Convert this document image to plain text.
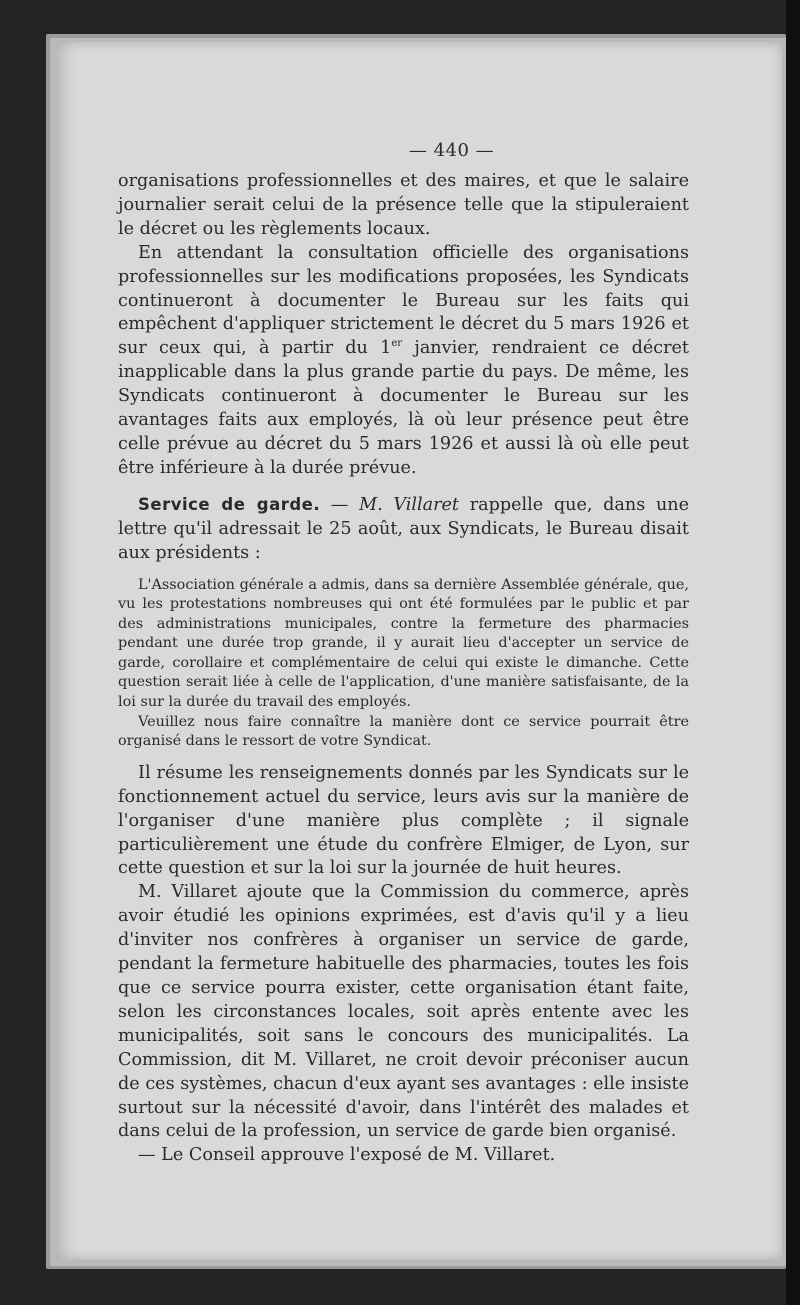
— 440 —

organisations professionnelles et des maires, et que le salaire journalier serait celui de la présence telle que la stipuleraient le décret ou les règlements locaux.

En attendant la consultation officielle des organisations professionnelles sur les modifications proposées, les Syndicats continueront à documenter le Bureau sur les faits qui empêchent d'appliquer strictement le décret du 5 mars 1926 et sur ceux qui, à partir du 1er janvier, rendraient ce décret inapplicable dans la plus grande partie du pays. De même, les Syndicats continueront à documenter le Bureau sur les avantages faits aux employés, là où leur présence peut être celle prévue au décret du 5 mars 1926 et aussi là où elle peut être inférieure à la durée prévue.

Service de garde. — M. Villaret rappelle que, dans une lettre qu'il adressait le 25 août, aux Syndicats, le Bureau disait aux présidents :

L'Association générale a admis, dans sa dernière Assemblée générale, que, vu les protestations nombreuses qui ont été formulées par le public et par des administrations municipales, contre la fermeture des pharmacies pendant une durée trop grande, il y aurait lieu d'accepter un service de garde, corollaire et complémentaire de celui qui existe le dimanche. Cette question serait liée à celle de l'application, d'une manière satisfaisante, de la loi sur la durée du travail des employés.

Veuillez nous faire connaître la manière dont ce service pourrait être organisé dans le ressort de votre Syndicat.

Il résume les renseignements donnés par les Syndicats sur le fonctionnement actuel du service, leurs avis sur la manière de l'organiser d'une manière plus complète ; il signale particulièrement une étude du confrère Elmiger, de Lyon, sur cette question et sur la loi sur la journée de huit heures.

M. Villaret ajoute que la Commission du commerce, après avoir étudié les opinions exprimées, est d'avis qu'il y a lieu d'inviter nos confrères à organiser un service de garde, pendant la fermeture habituelle des pharmacies, toutes les fois que ce service pourra exister, cette organisation étant faite, selon les circonstances locales, soit après entente avec les municipalités, soit sans le concours des municipalités. La Commission, dit M. Villaret, ne croit devoir préconiser aucun de ces systèmes, chacun d'eux ayant ses avantages : elle insiste surtout sur la nécessité d'avoir, dans l'intérêt des malades et dans celui de la profession, un service de garde bien organisé.

— Le Conseil approuve l'exposé de M. Villaret.
